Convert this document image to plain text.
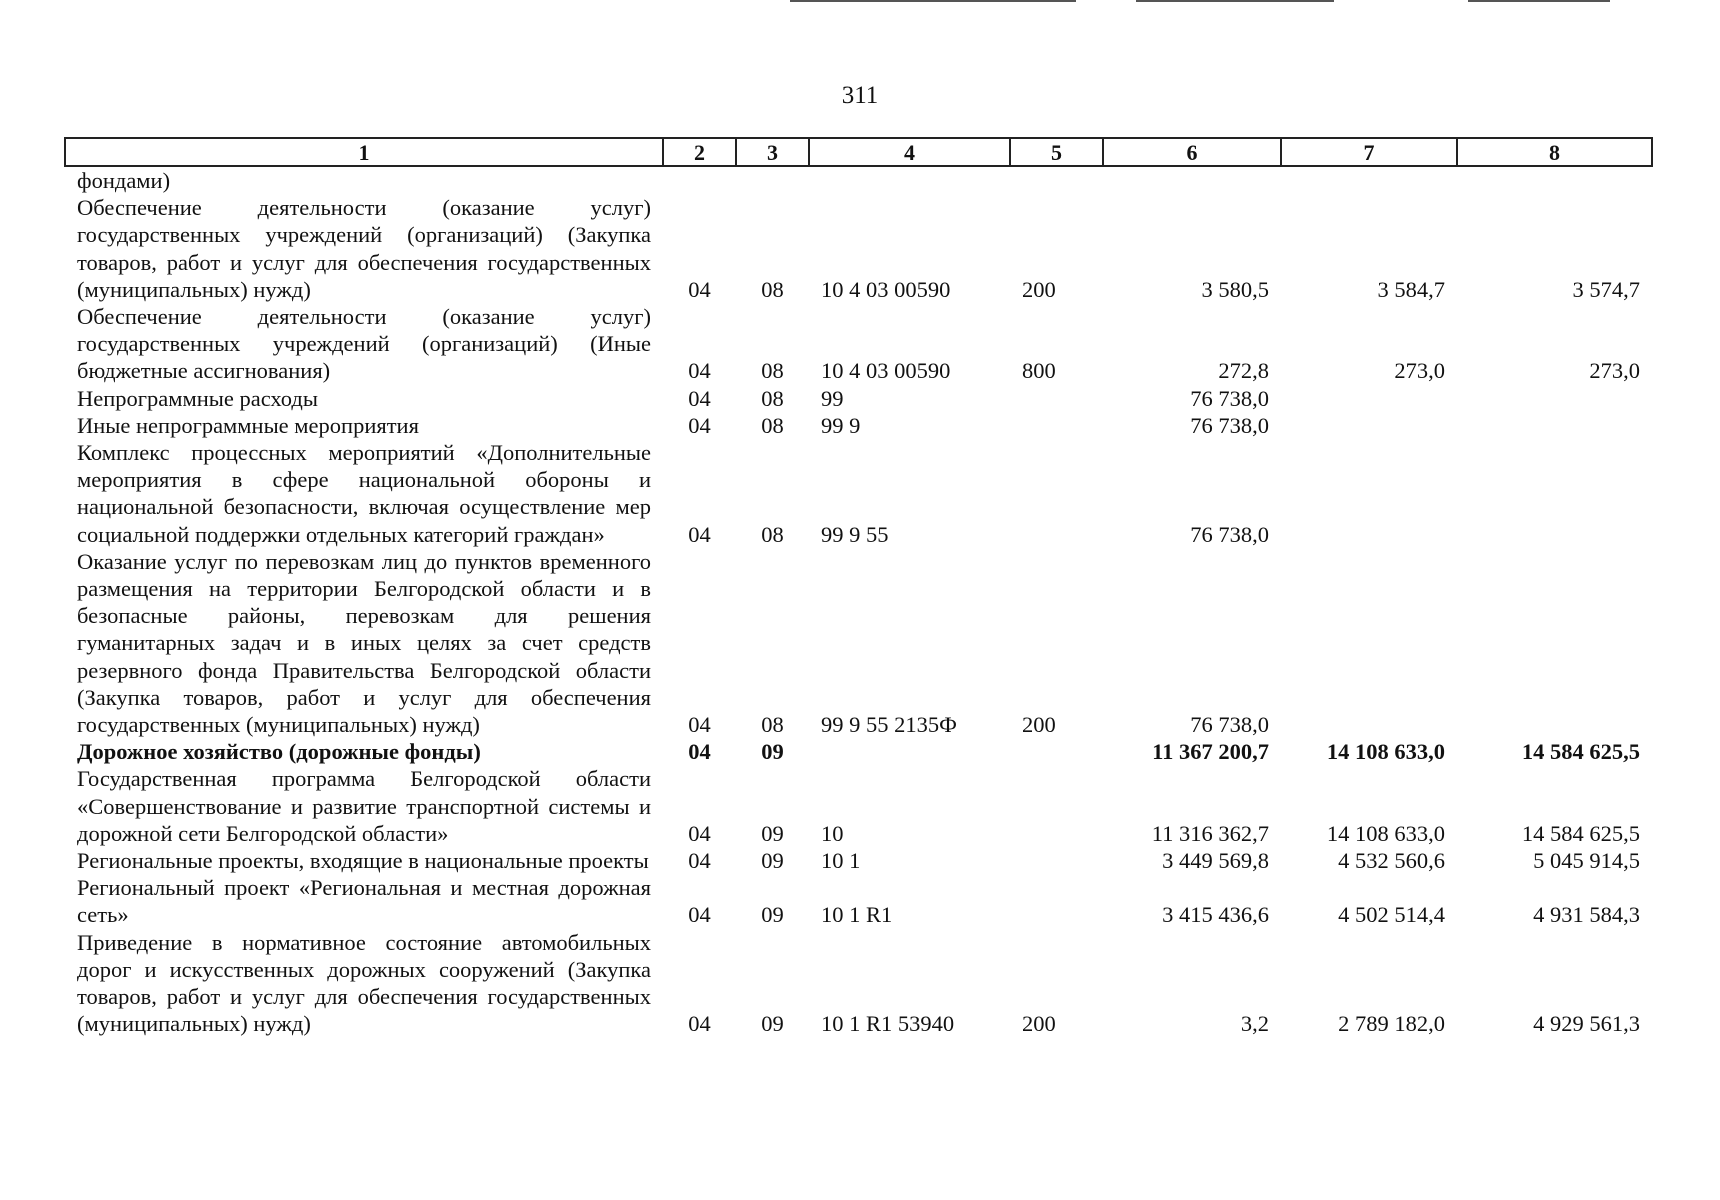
311
1	2	3	4	5	6	7	8
фондами)							
Обеспечение деятельности (оказание услуг) государственных учреждений (организаций) (Закупка товаров, работ и услуг для обеспечения государственных (муниципальных) нужд)	04	08	10 4 03 00590	200	3 580,5	3 584,7	3 574,7
Обеспечение деятельности (оказание услуг) государственных учреждений (организаций) (Иные бюджетные ассигнования)	04	08	10 4 03 00590	800	272,8	273,0	273,0
Непрограммные расходы	04	08	99		76 738,0		
Иные непрограммные мероприятия	04	08	99 9		76 738,0		
Комплекс процессных мероприятий «Дополнительные мероприятия в сфере национальной обороны и национальной безопасности, включая осуществление мер социальной поддержки отдельных категорий граждан»	04	08	99 9 55		76 738,0		
Оказание услуг по перевозкам лиц до пунктов временного размещения на территории Белгородской области и в безопасные районы, перевозкам для решения гуманитарных задач и в иных целях за счет средств резервного фонда Правительства Белгородской области (Закупка товаров, работ и услуг для обеспечения государственных (муниципальных) нужд)	04	08	99 9 55 2135Ф	200	76 738,0		
Дорожное хозяйство (дорожные фонды)	04	09			11 367 200,7	14 108 633,0	14 584 625,5
Государственная программа Белгородской области «Совершенствование и развитие транспортной системы и дорожной сети Белгородской области»	04	09	10		11 316 362,7	14 108 633,0	14 584 625,5
Региональные проекты, входящие в национальные проекты	04	09	10 1		3 449 569,8	4 532 560,6	5 045 914,5
Региональный проект «Региональная и местная дорожная сеть»	04	09	10 1 R1		3 415 436,6	4 502 514,4	4 931 584,3
Приведение в нормативное состояние автомобильных дорог и искусственных дорожных сооружений (Закупка товаров, работ и услуг для обеспечения государственных (муниципальных) нужд)	04	09	10 1 R1 53940	200	3,2	2 789 182,0	4 929 561,3
